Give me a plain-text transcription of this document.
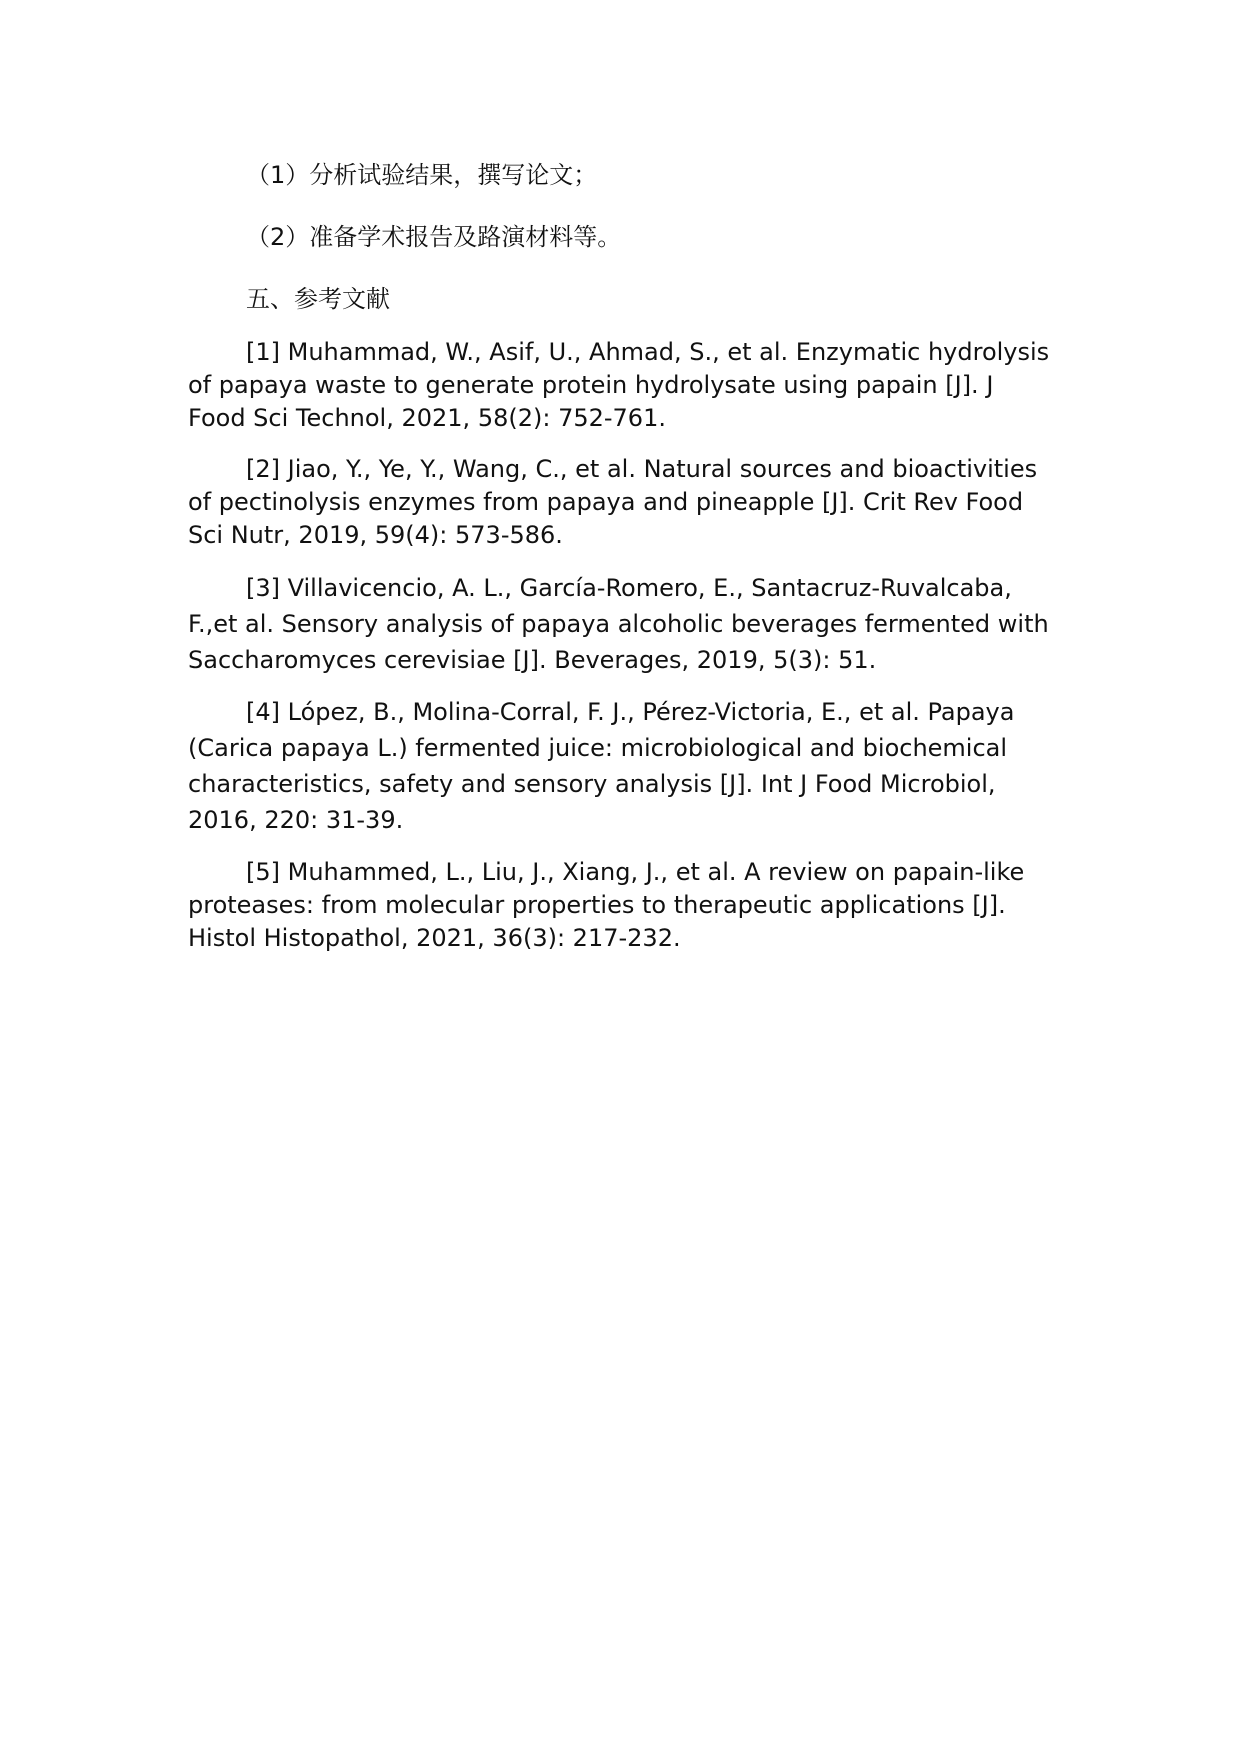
（1）分析试验结果，撰写论文；

（2）准备学术报告及路演材料等。

五、参考文献

[1] Muhammad, W., Asif, U., Ahmad, S., et al. Enzymatic hydrolysis of papaya waste to generate protein hydrolysate using papain [J]. J Food Sci Technol, 2021, 58(2): 752-761.

[2] Jiao, Y., Ye, Y., Wang, C., et al. Natural sources and bioactivities of pectinolysis enzymes from papaya and pineapple [J]. Crit Rev Food Sci Nutr, 2019, 59(4): 573-586.

[3] Villavicencio, A. L., García-Romero, E., Santacruz-Ruvalcaba, F.,et al. Sensory analysis of papaya alcoholic beverages fermented with Saccharomyces cerevisiae [J]. Beverages, 2019, 5(3): 51.

[4] López, B., Molina-Corral, F. J., Pérez-Victoria, E., et al. Papaya (Carica papaya L.) fermented juice: microbiological and biochemical characteristics, safety and sensory analysis [J]. Int J Food Microbiol, 2016, 220: 31-39.

[5] Muhammed, L., Liu, J., Xiang, J., et al. A review on papain-like proteases: from molecular properties to therapeutic applications [J]. Histol Histopathol, 2021, 36(3): 217-232.
